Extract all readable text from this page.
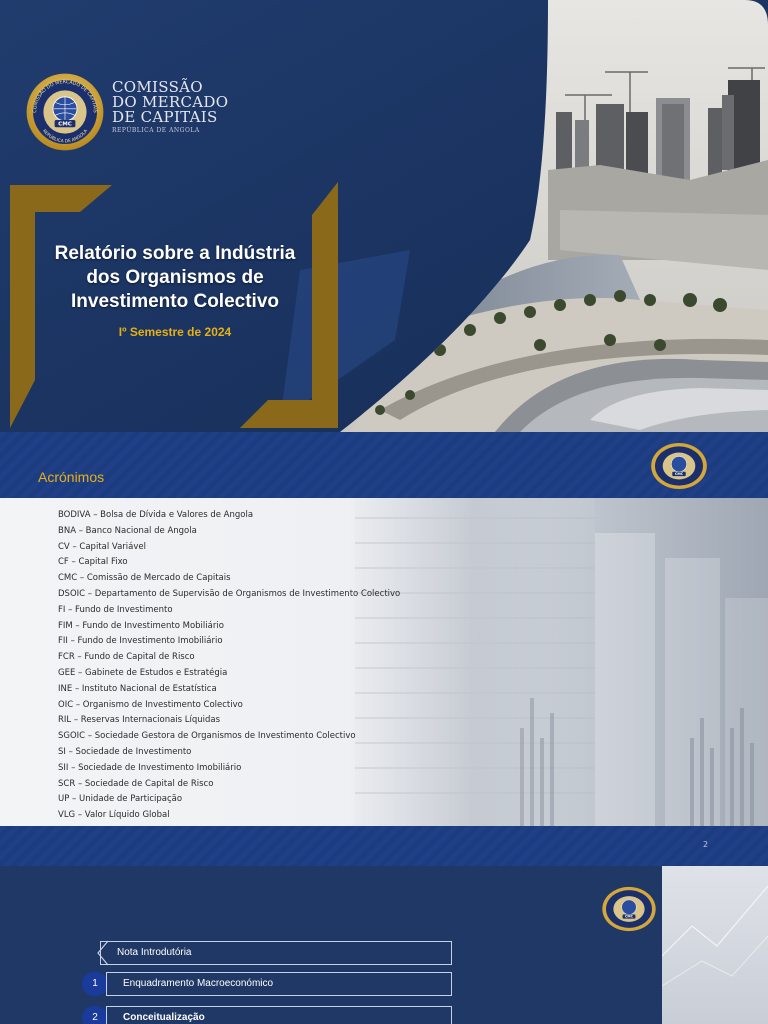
CMC
COMISSÃO DO MERCADO DE CAPITAIS
REPÚBLICA DE ANGOLA
COMISSÃO
DO MERCADO
DE CAPITAIS
REPÚBLICA DE ANGOLA
Relatório sobre a Indústria
dos Organismos de
Investimento Colectivo
Iº Semestre de 2024
Acrónimos	CMC
BODIVA – Bolsa de Dívida e Valores de Angola
BNA – Banco Nacional de Angola
CV – Capital Variável
CF – Capital Fixo
CMC – Comissão de Mercado de Capitais
DSOIC – Departamento de Supervisão de Organismos de Investimento Colectivo
FI – Fundo de Investimento
FIM – Fundo de Investimento Mobiliário
FII – Fundo de Investimento Imobiliário
FCR – Fundo de Capital de Risco
GEE – Gabinete de Estudos e Estratégia
INE – Instituto Nacional de Estatística
OIC – Organismo de Investimento Colectivo
RIL – Reservas Internacionais Líquidas
SGOIC – Sociedade Gestora de Organismos de Investimento Colectivo
SI – Sociedade de Investimento
SII – Sociedade de Investimento Imobiliário
SCR – Sociedade de Capital de Risco
UP – Unidade de Participação
VLG – Valor Líquido Global
2
CMC
Nota Introdutória
1	Enquadramento Macroeconómico
2	Conceitualização
